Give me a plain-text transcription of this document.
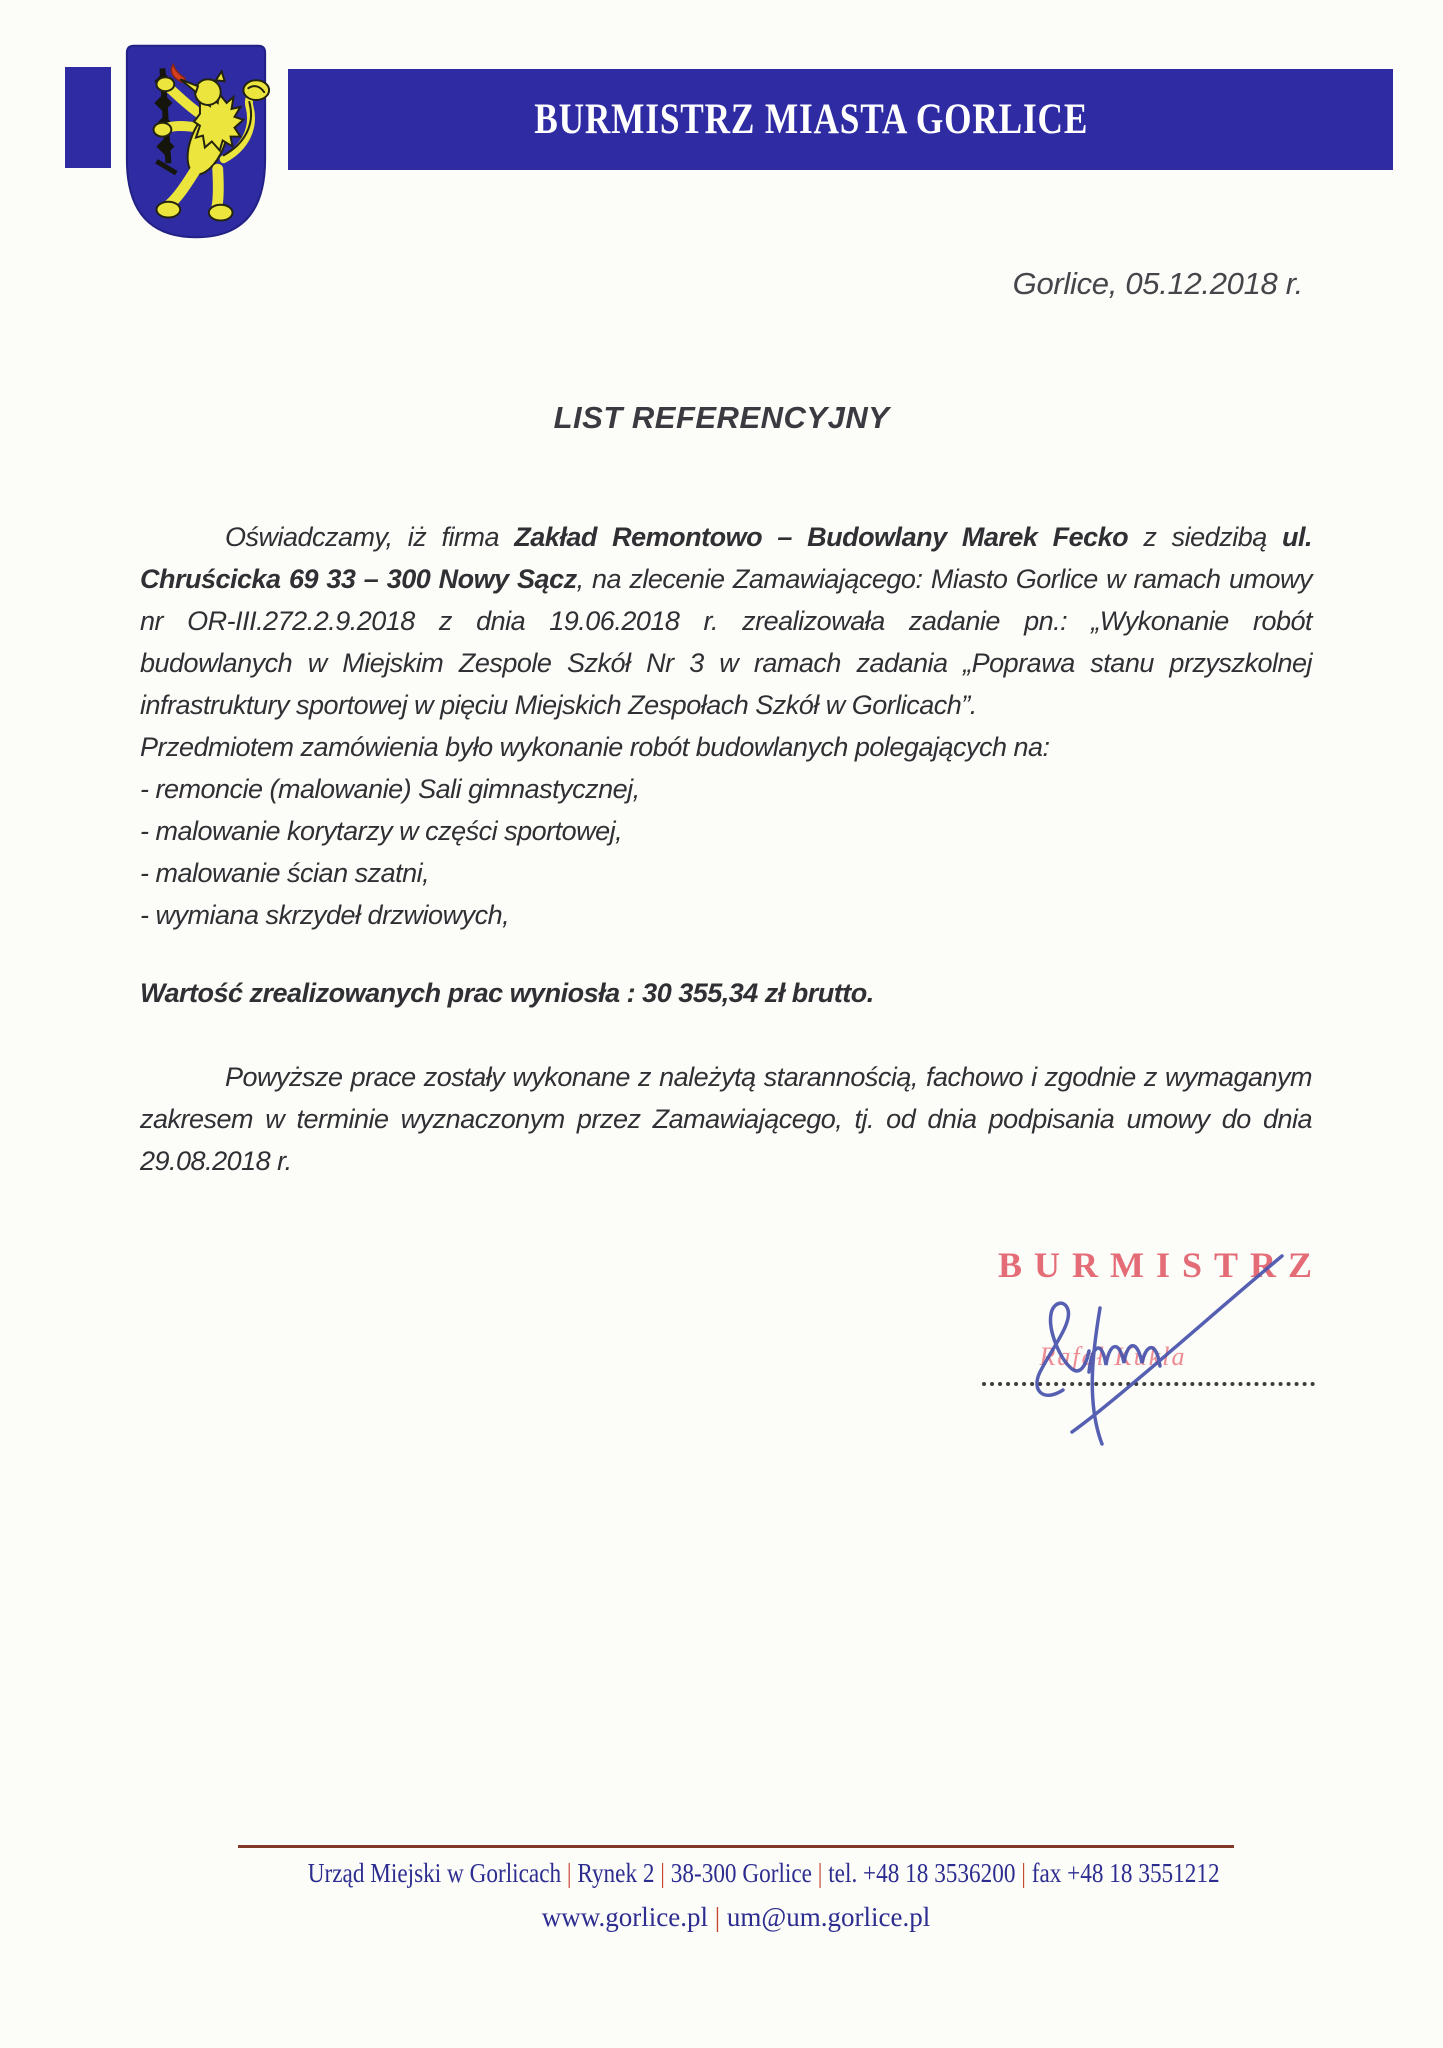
BURMISTRZ MIASTA GORLICE
Gorlice, 05.12.2018 r.
LIST REFERENCYJNY
Oświadczamy, iż firma Zakład Remontowo – Budowlany Marek Fecko z siedzibą ul.
Chruścicka 69 33 – 300 Nowy Sącz, na zlecenie Zamawiającego: Miasto Gorlice w ramach umowy
nr OR-III.272.2.9.2018 z dnia 19.06.2018 r. zrealizowała zadanie pn.: „Wykonanie robót
budowlanych w Miejskim Zespole Szkół Nr 3 w ramach zadania „Poprawa stanu przyszkolnej
infrastruktury sportowej w pięciu Miejskich Zespołach Szkół w Gorlicach”.
Przedmiotem zamówienia było wykonanie robót budowlanych polegających na:
- remoncie (malowanie) Sali gimnastycznej,
- malowanie korytarzy w części sportowej,
- malowanie ścian szatni,
- wymiana skrzydeł drzwiowych,
Wartość zrealizowanych prac wyniosła : 30 355,34 zł brutto.
Powyższe prace zostały wykonane z należytą starannością, fachowo i zgodnie z wymaganym
zakresem w terminie wyznaczonym przez Zamawiającego, tj. od dnia podpisania umowy do dnia
29.08.2018 r.
BURMISTRZ
Rafał Kukla
Urząd Miejski w Gorlicach | Rynek 2 | 38-300 Gorlice | tel. +48 18 3536200 | fax +48 18 3551212
www.gorlice.pl | um@um.gorlice.pl
